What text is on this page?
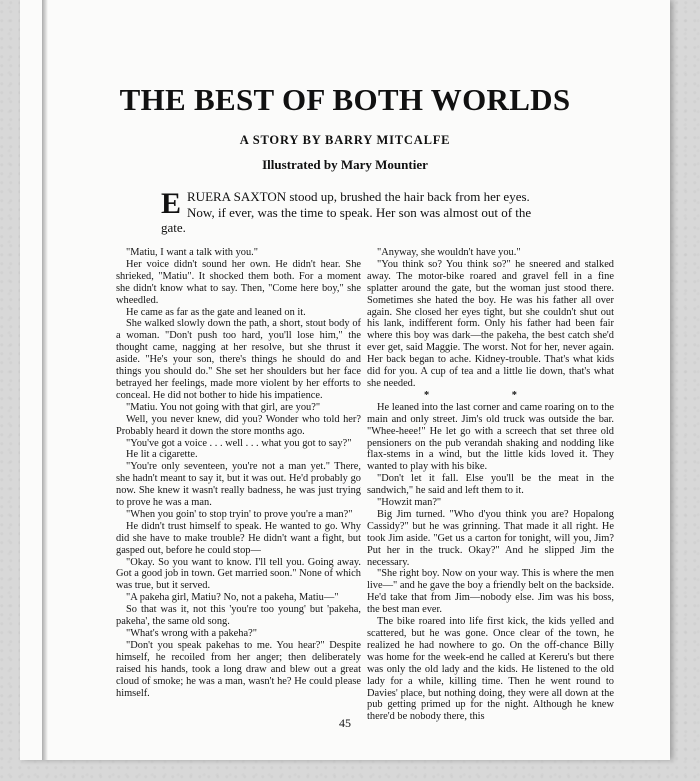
THE BEST OF BOTH WORLDS
A STORY BY BARRY MITCALFE
Illustrated by Mary Mountier
E RUERA SAXTON stood up, brushed the hair back from her eyes. Now, if ever, was the time to speak. Her son was almost out of the gate.

"Matiu, I want a talk with you."

Her voice didn't sound her own. He didn't hear. She shrieked, "Matiu". It shocked them both. For a moment she didn't know what to say. Then, "Come here boy," she wheedled.

He came as far as the gate and leaned on it.

She walked slowly down the path, a short, stout body of a woman. "Don't push too hard, you'll lose him," the thought came, nagging at her resolve, but she thrust it aside. "He's your son, there's things he should do and things you should do." She set her shoulders but her face betrayed her feelings, made more violent by her efforts to conceal. He did not bother to hide his impatience.

"Matiu. You not going with that girl, are you?"

Well, you never knew, did you? Wonder who told her? Probably heard it down the store months ago.

"You've got a voice . . . well . . . what you got to say?"

He lit a cigarette.

"You're only seventeen, you're not a man yet." There, she hadn't meant to say it, but it was out. He'd probably go now. She knew it wasn't really badness, he was just trying to prove he was a man.

"When you goin' to stop tryin' to prove you're a man?"

He didn't trust himself to speak. He wanted to go. Why did she have to make trouble? He didn't want a fight, but gasped out, before he could stop—

"Okay. So you want to know. I'll tell you. Going away. Got a good job in town. Get married soon." None of which was true, but it served.

"A pakeha girl, Matiu? No, not a pakeha, Matiu—"

So that was it, not this 'you're too young' but 'pakeha, pakeha', the same old song.

"What's wrong with a pakeha?"

"Don't you speak pakehas to me. You hear?" Despite himself, he recoiled from her anger; then deliberately raised his hands, took a long draw and blew out a great cloud of smoke; he was a man, wasn't he? He could please himself.

"Anyway, she wouldn't have you."

"You think so? You think so?" he sneered and stalked away. The motor-bike roared and gravel fell in a fine splatter around the gate, but the woman just stood there. Sometimes she hated the boy. He was his father all over again. She closed her eyes tight, but she couldn't shut out his lank, indifferent form. Only his father had been fair where this boy was dark—the pakeha, the best catch she'd ever get, said Maggie. The worst. Not for her, never again. Her back began to ache. Kidney-trouble. That's what kids did for you. A cup of tea and a little lie down, that's what she needed.

* *

He leaned into the last corner and came roaring on to the main and only street. Jim's old truck was outside the bar. "Whee-heee!" He let go with a screech that set three old pensioners on the pub verandah shaking and nodding like flax-stems in a wind, but the little kids loved it. They wanted to play with his bike.

"Don't let it fall. Else you'll be the meat in the sandwich," he said and left them to it.

"Howzit man?"

Big Jim turned. "Who d'you think you are? Hopalong Cassidy?" but he was grinning. That made it all right. He took Jim aside. "Get us a carton for tonight, will you, Jim? Put her in the truck. Okay?" And he slipped Jim the necessary.

"She right boy. Now on your way. This is where the men live—" and he gave the boy a friendly belt on the backside. He'd take that from Jim—nobody else. Jim was his boss, the best man ever.

The bike roared into life first kick, the kids yelled and scattered, but he was gone. Once clear of the town, he realized he had nowhere to go. On the off-chance Billy was home for the week-end he called at Kereru's but there was only the old lady and the kids. He listened to the old lady for a while, killing time. Then he went round to Davies' place, but nothing doing, they were all down at the pub getting primed up for the night. Although he knew there'd be nobody there, this

45
